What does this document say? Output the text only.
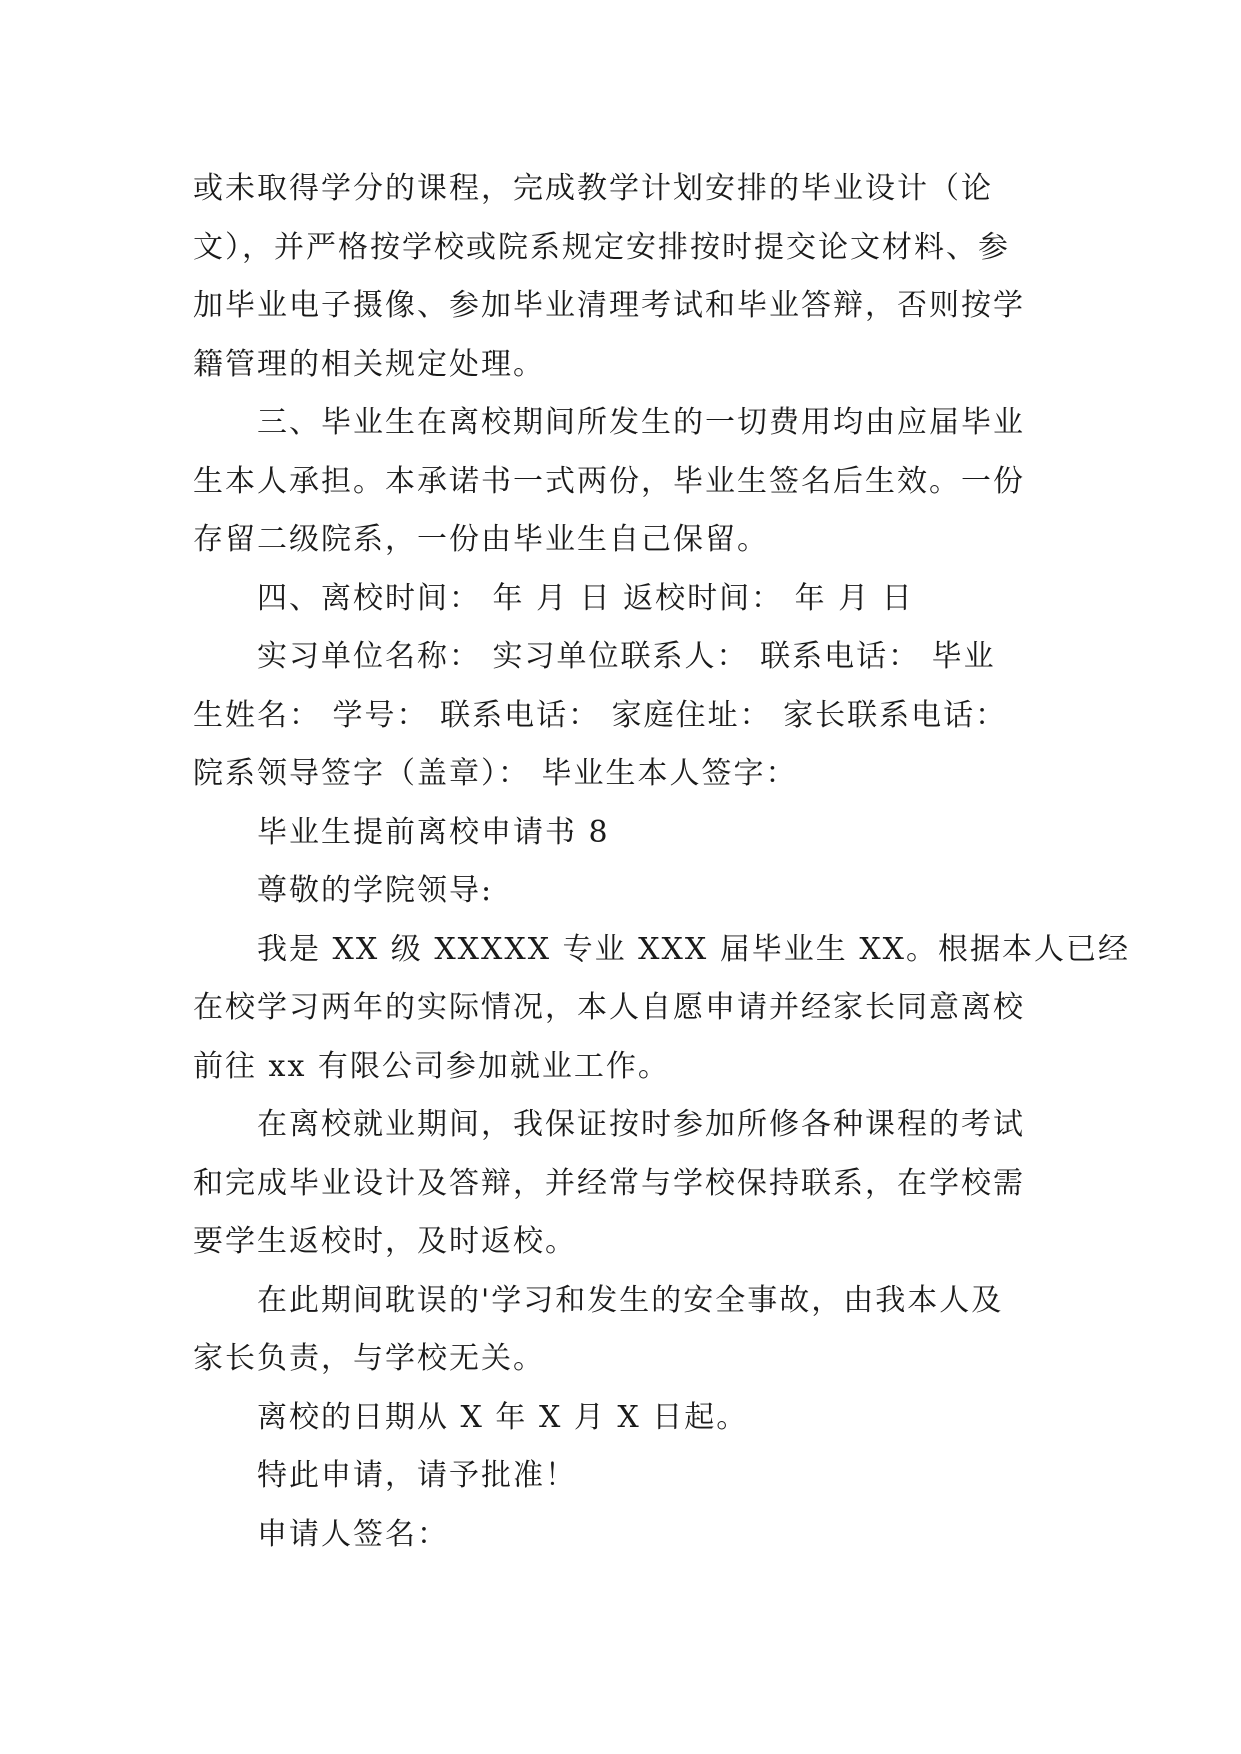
或未取得学分的课程，完成教学计划安排的毕业设计（论
文），并严格按学校或院系规定安排按时提交论文材料、参
加毕业电子摄像、参加毕业清理考试和毕业答辩，否则按学
籍管理的相关规定处理。
三、毕业生在离校期间所发生的一切费用均由应届毕业
生本人承担。本承诺书一式两份，毕业生签名后生效。一份
存留二级院系，一份由毕业生自己保留。
四、离校时间： 年 月 日 返校时间： 年 月 日
实习单位名称： 实习单位联系人： 联系电话： 毕业
生姓名： 学号： 联系电话： 家庭住址： 家长联系电话：
院系领导签字（盖章）： 毕业生本人签字：
毕业生提前离校申请书 8
尊敬的学院领导:
我是 XX 级 XXXXX 专业 XXX 届毕业生 XX。根据本人已经
在校学习两年的实际情况，本人自愿申请并经家长同意离校
前往 xx 有限公司参加就业工作。
在离校就业期间，我保证按时参加所修各种课程的考试
和完成毕业设计及答辩，并经常与学校保持联系，在学校需
要学生返校时，及时返校。
在此期间耽误的'学习和发生的安全事故，由我本人及
家长负责，与学校无关。
离校的日期从 X 年 X 月 X 日起。
特此申请，请予批准！
申请人签名：
